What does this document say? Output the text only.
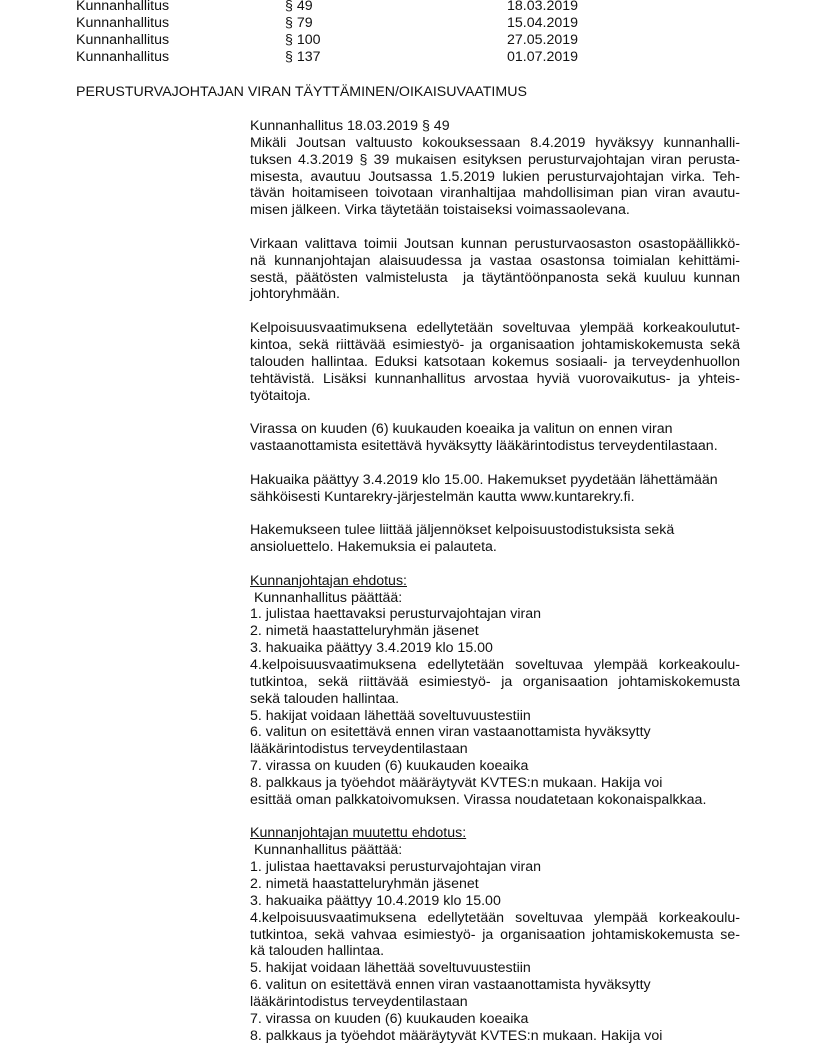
Kunnanhallitus	§ 49	18.03.2019
Kunnanhallitus	§ 79	15.04.2019
Kunnanhallitus	§ 100	27.05.2019
Kunnanhallitus	§ 137	01.07.2019
PERUSTURVAJOHTAJAN VIRAN TÄYTTÄMINEN/OIKAISUVAATIMUS
Kunnanhallitus 18.03.2019 § 49
Mikäli Joutsan valtuusto kokouksessaan 8.4.2019 hyväksyy kunnanhalli-
tuksen 4.3.2019 § 39 mukaisen esityksen perusturvajohtajan viran perusta-
misesta, avautuu Joutsassa 1.5.2019 lukien perusturvajohtajan virka. Teh-
tävän hoitamiseen toivotaan viranhaltijaa mahdollisiman pian viran avautu-
misen jälkeen. Virka täytetään toistaiseksi voimassaolevana.
Virkaan valittava toimii Joutsan kunnan perusturvaosaston osastopäällikkö-
nä kunnanjohtajan alaisuudessa ja vastaa osastonsa toimialan kehittämi-
sestä, päätösten valmistelusta  ja täytäntöönpanosta sekä kuuluu kunnan
johtoryhmään.
Kelpoisuusvaatimuksena edellytetään soveltuvaa ylempää korkeakoulutut-
kintoa, sekä riittävää esimiestyö- ja organisaation johtamiskokemusta sekä
talouden hallintaa. Eduksi katsotaan kokemus sosiaali- ja terveydenhuollon
tehtävistä. Lisäksi kunnanhallitus arvostaa hyviä vuorovaikutus- ja yhteis-
työtaitoja.
Virassa on kuuden (6) kuukauden koeaika ja valitun on ennen viran
vastaanottamista esitettävä hyväksytty lääkärintodistus terveydentilastaan.
Hakuaika päättyy 3.4.2019 klo 15.00. Hakemukset pyydetään lähettämään
sähköisesti Kuntarekry-järjestelmän kautta www.kuntarekry.fi.
Hakemukseen tulee liittää jäljennökset kelpoisuustodistuksista sekä
ansioluettelo. Hakemuksia ei palauteta.
Kunnanjohtajan ehdotus:
Kunnanhallitus päättää:
1. julistaa haettavaksi perusturvajohtajan viran
2. nimetä haastatteluryhmän jäsenet
3. hakuaika päättyy 3.4.2019 klo 15.00
4.kelpoisuusvaatimuksena edellytetään soveltuvaa ylempää korkeakoulu-
tutkintoa, sekä riittävää esimiestyö- ja organisaation johtamiskokemusta
sekä talouden hallintaa.
5. hakijat voidaan lähettää soveltuvuustestiin
6. valitun on esitettävä ennen viran vastaanottamista hyväksytty
lääkärintodistus terveydentilastaan
7. virassa on kuuden (6) kuukauden koeaika
8. palkkaus ja työehdot määräytyvät KVTES:n mukaan. Hakija voi
esittää oman palkkatoivomuksen. Virassa noudatetaan kokonaispalkkaa.
Kunnanjohtajan muutettu ehdotus:
Kunnanhallitus päättää:
1. julistaa haettavaksi perusturvajohtajan viran
2. nimetä haastatteluryhmän jäsenet
3. hakuaika päättyy 10.4.2019 klo 15.00
4.kelpoisuusvaatimuksena edellytetään soveltuvaa ylempää korkeakoulu-
tutkintoa, sekä vahvaa esimiestyö- ja organisaation johtamiskokemusta se-
kä talouden hallintaa.
5. hakijat voidaan lähettää soveltuvuustestiin
6. valitun on esitettävä ennen viran vastaanottamista hyväksytty
lääkärintodistus terveydentilastaan
7. virassa on kuuden (6) kuukauden koeaika
8. palkkaus ja työehdot määräytyvät KVTES:n mukaan. Hakija voi
